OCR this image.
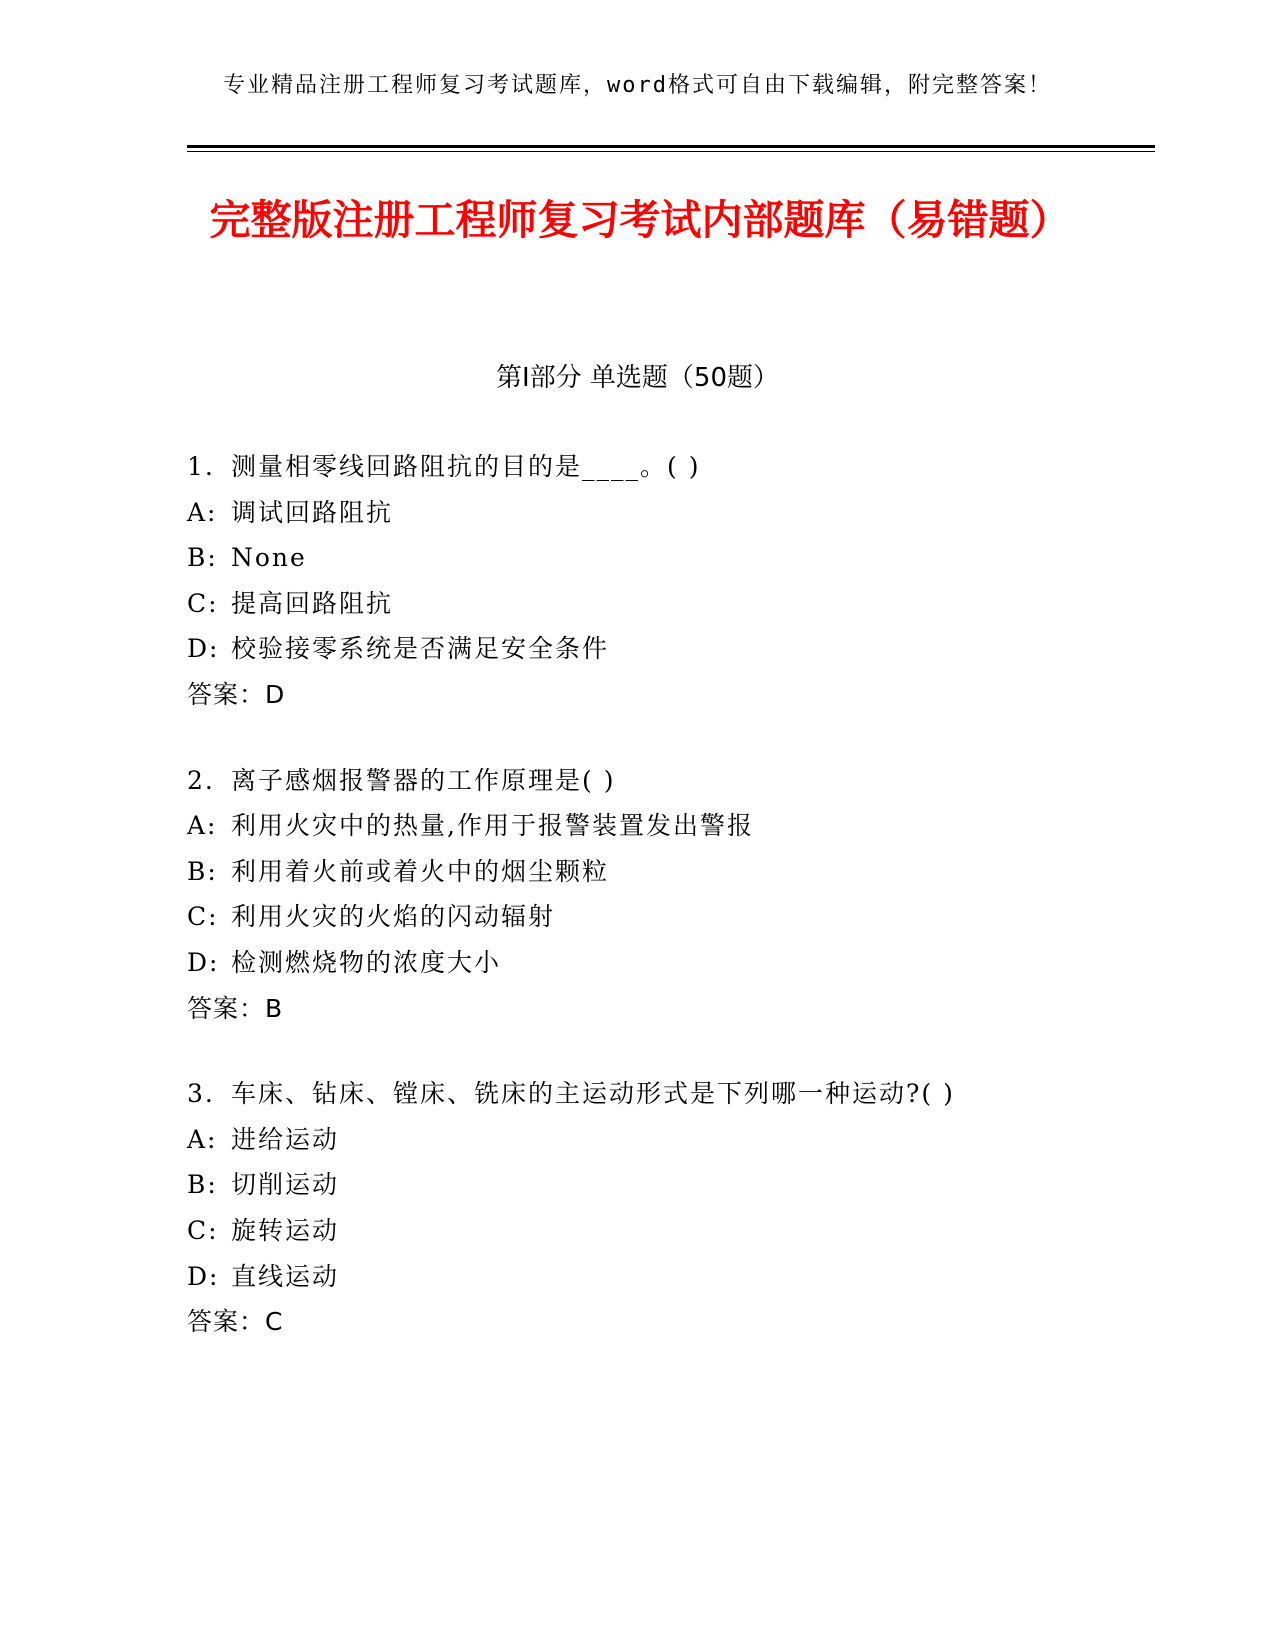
专业精品注册工程师复习考试题库，word格式可自由下载编辑，附完整答案！
完整版注册工程师复习考试内部题库（易错题）
第Ⅰ部分 单选题（50题）
1. 测量相零线回路阻抗的目的是____。( )
A: 调试回路阻抗
B: None
C: 提高回路阻抗
D: 校验接零系统是否满足安全条件
答案：D
2. 离子感烟报警器的工作原理是( )
A: 利用火灾中的热量,作用于报警装置发出警报
B: 利用着火前或着火中的烟尘颗粒
C: 利用火灾的火焰的闪动辐射
D: 检测燃烧物的浓度大小
答案：B
3. 车床、钻床、镗床、铣床的主运动形式是下列哪一种运动?( )
A: 进给运动
B: 切削运动
C: 旋转运动
D: 直线运动
答案：C
